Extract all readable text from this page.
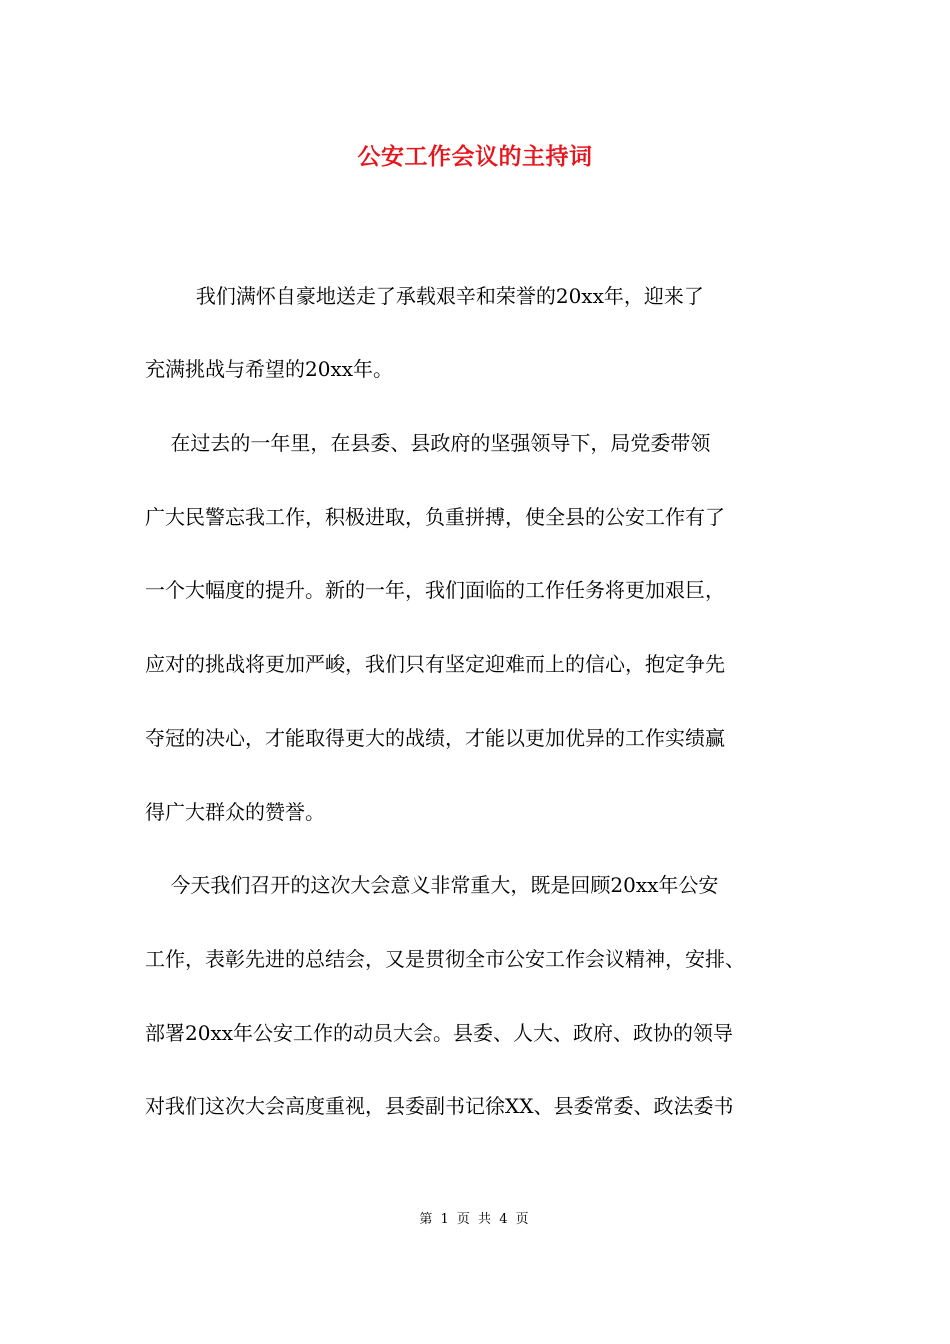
公安工作会议的主持词
我们满怀自豪地送走了承载艰辛和荣誉的20xx年，迎来了
充满挑战与希望的20xx年。
在过去的一年里，在县委、县政府的坚强领导下，局党委带领
广大民警忘我工作，积极进取，负重拼搏，使全县的公安工作有了
一个大幅度的提升。新的一年，我们面临的工作任务将更加艰巨，
应对的挑战将更加严峻，我们只有坚定迎难而上的信心，抱定争先
夺冠的决心，才能取得更大的战绩，才能以更加优异的工作实绩赢
得广大群众的赞誉。
今天我们召开的这次大会意义非常重大，既是回顾20xx年公安
工作，表彰先进的总结会，又是贯彻全市公安工作会议精神，安排、
部署20xx年公安工作的动员大会。县委、人大、政府、政协的领导
对我们这次大会高度重视，县委副书记徐XX、县委常委、政法委书
第 1 页 共 4 页
